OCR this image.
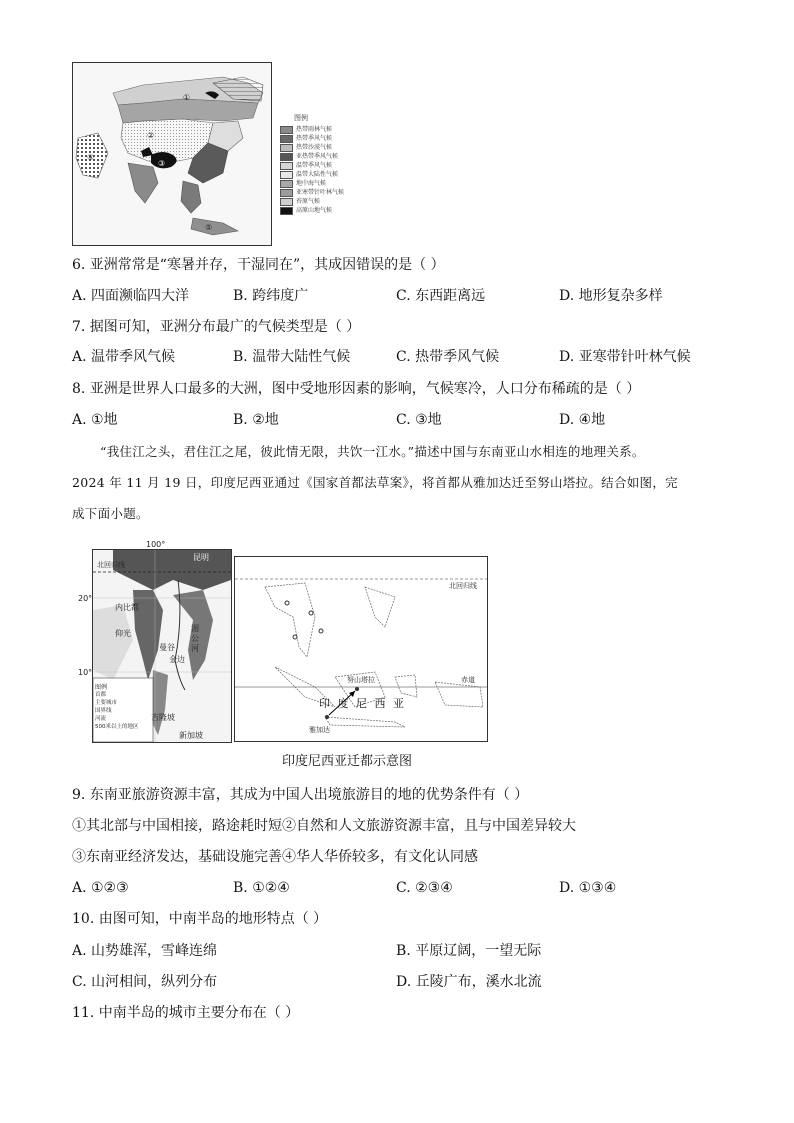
①
②
③
④
⑤
图例
热带雨林气候
热带季风气候
热带沙漠气候
亚热带季风气候
温带季风气候
温带大陆性气候
地中海气候
亚寒带针叶林气候
苔原气候
高原山地气候
6. 亚洲常常是“寒暑并存，干湿同在”，其成因错误的是（ ）
A. 四面濒临四大洋	B. 跨纬度广	C. 东西距离远	D. 地形复杂多样
7. 据图可知，亚洲分布最广的气候类型是（ ）
A. 温带季风气候	B. 温带大陆性气候	C. 热带季风气候	D. 亚寒带针叶林气候
8. 亚洲是世界人口最多的大洲，图中受地形因素的影响，气候寒冷，人口分布稀疏的是（ ）
A. ①地	B. ②地	C. ③地	D. ④地
“我住江之头，君住江之尾，彼此情无限，共饮一江水。”描述中国与东南亚山水相连的地理关系。
2024 年 11 月 19 日，印度尼西亚通过《国家首都法草案》，将首都从雅加达迁至努山塔拉。结合如图，完
成下面小题。
昆明
北回归线
内比都
仰光
曼谷
金边
湄公河
吉隆坡
新加坡
图例
首都
主要城市
国界线
河流
500米以上的地区
100°
20°
10°
北回归线
赤道
努山塔拉
雅加达
印 度 尼 西 亚
印度尼西亚迁都示意图
9. 东南亚旅游资源丰富，其成为中国人出境旅游目的地的优势条件有（ ）
①其北部与中国相接，路途耗时短②自然和人文旅游资源丰富，且与中国差异较大
③东南亚经济发达，基础设施完善④华人华侨较多，有文化认同感
A. ①②③	B. ①②④	C. ②③④	D. ①③④
10. 由图可知，中南半岛的地形特点（ ）
A. 山势雄浑，雪峰连绵	B. 平原辽阔，一望无际
C. 山河相间，纵列分布	D. 丘陵广布，溪水北流
11. 中南半岛的城市主要分布在（ ）
